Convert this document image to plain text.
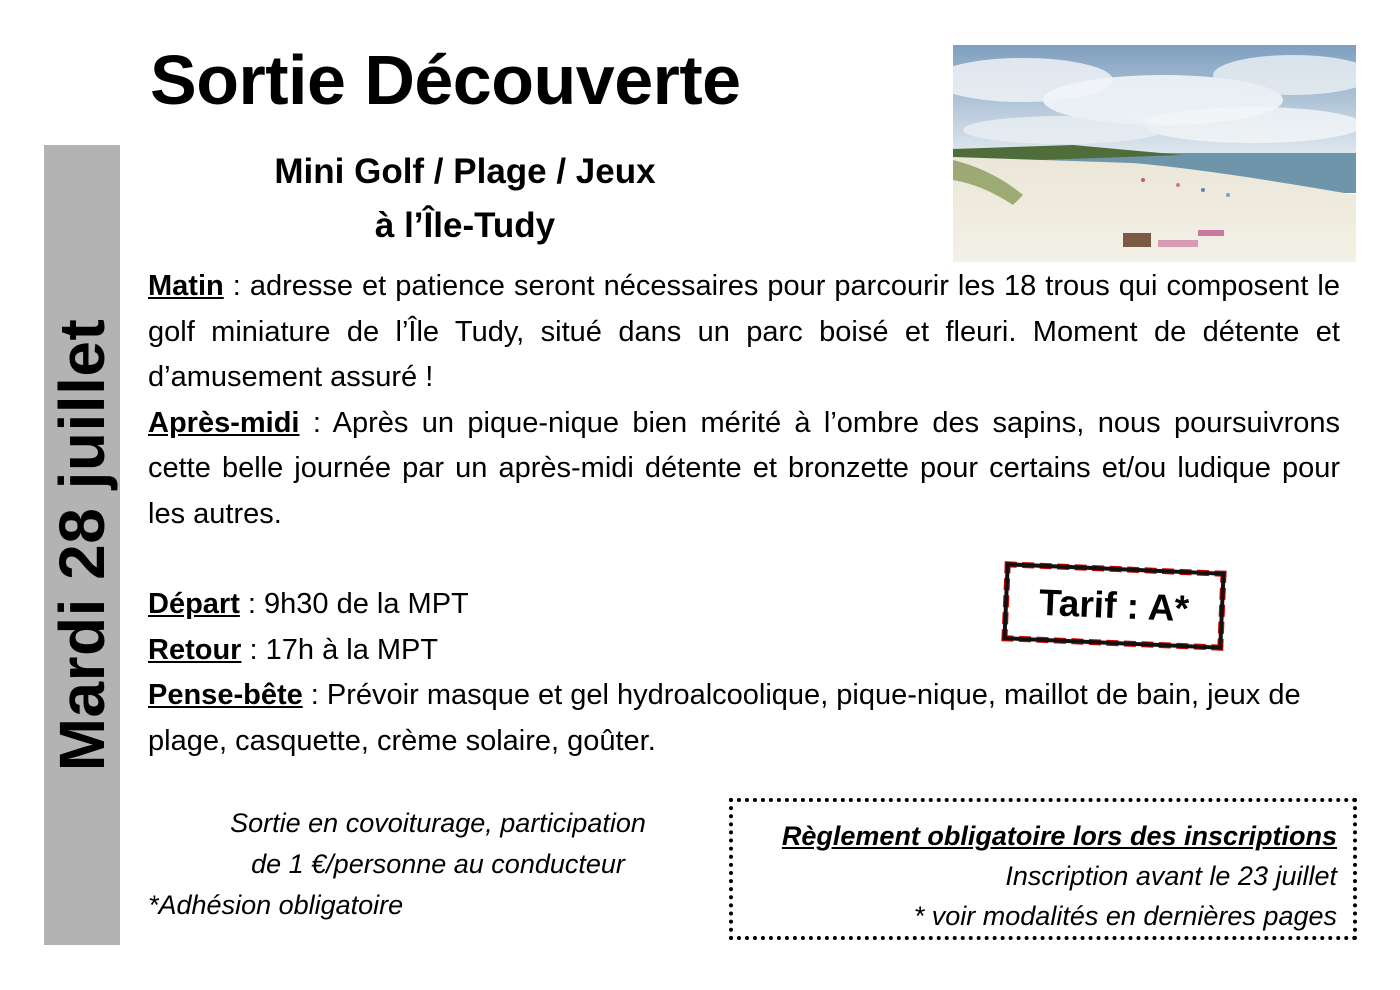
Mardi 28 juillet
Sortie Découverte
Mini Golf / Plage / Jeux
à l’Île-Tudy

Matin : adresse et patience seront nécessaires pour parcourir les 18 trous qui composent le golf miniature de l’Île Tudy, situé dans un parc boisé et fleuri. Moment de détente et d’amusement assuré !

Après-midi : Après un pique-nique bien mérité à l’ombre des sapins, nous poursuivrons cette belle journée par un après-midi détente et bronzette pour certains et/ou ludique pour les autres.

Départ : 9h30 de la MPT

Retour : 17h à la MPT

Pense-bête : Prévoir masque et gel hydroalcoolique, pique-nique, maillot de bain, jeux de plage, casquette, crème solaire, goûter.

Tarif : A*
Sortie en covoiturage, participation
de 1 €/personne au conducteur
*Adhésion obligatoire
Règlement obligatoire lors des inscriptions
Inscription avant le 23 juillet
* voir modalités en dernières pages
